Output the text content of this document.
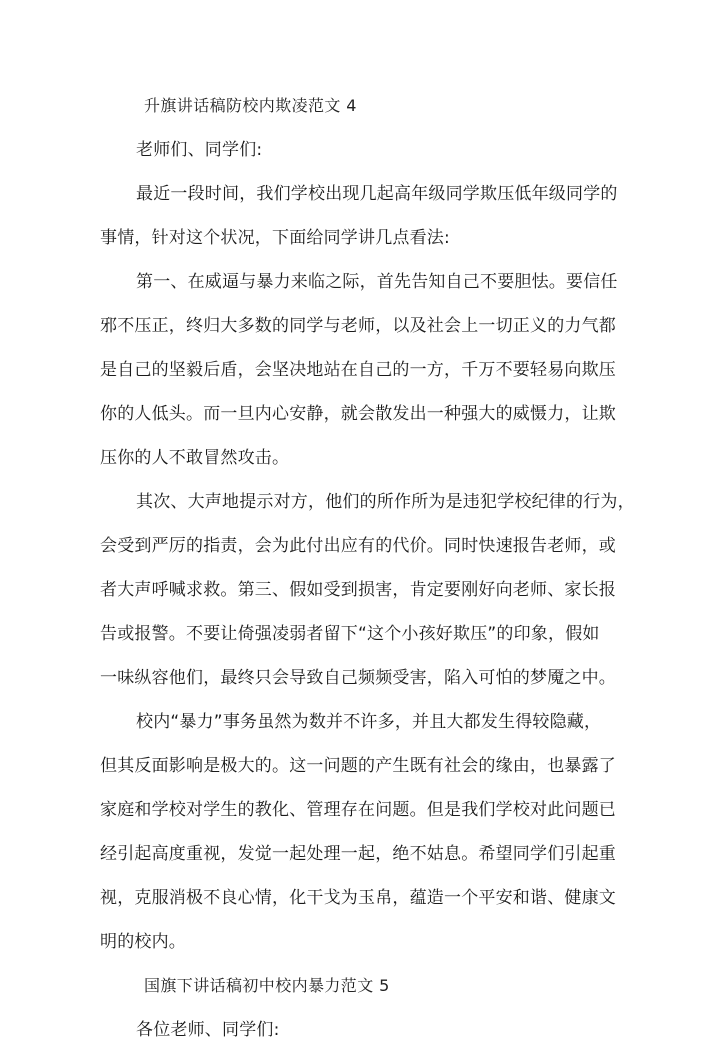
升旗讲话稿防校内欺凌范文 4
老师们、同学们:
最近一段时间，我们学校出现几起高年级同学欺压低年级同学的
事情，针对这个状况，下面给同学讲几点看法:
第一、在威逼与暴力来临之际，首先告知自己不要胆怯。要信任
邪不压正，终归大多数的同学与老师，以及社会上一切正义的力气都
是自己的坚毅后盾，会坚决地站在自己的一方，千万不要轻易向欺压
你的人低头。而一旦内心安静，就会散发出一种强大的威慑力，让欺
压你的人不敢冒然攻击。
其次、大声地提示对方，他们的所作所为是违犯学校纪律的行为，
会受到严厉的指责，会为此付出应有的代价。同时快速报告老师，或
者大声呼喊求救。第三、假如受到损害，肯定要刚好向老师、家长报
告或报警。不要让倚强凌弱者留下“这个小孩好欺压”的印象，假如
一味纵容他们，最终只会导致自己频频受害，陷入可怕的梦魇之中。
校内“暴力”事务虽然为数并不许多，并且大都发生得较隐藏，
但其反面影响是极大的。这一问题的产生既有社会的缘由，也暴露了
家庭和学校对学生的教化、管理存在问题。但是我们学校对此问题已
经引起高度重视，发觉一起处理一起，绝不姑息。希望同学们引起重
视，克服消极不良心情，化干戈为玉帛，蕴造一个平安和谐、健康文
明的校内。
国旗下讲话稿初中校内暴力范文 5
各位老师、同学们:
